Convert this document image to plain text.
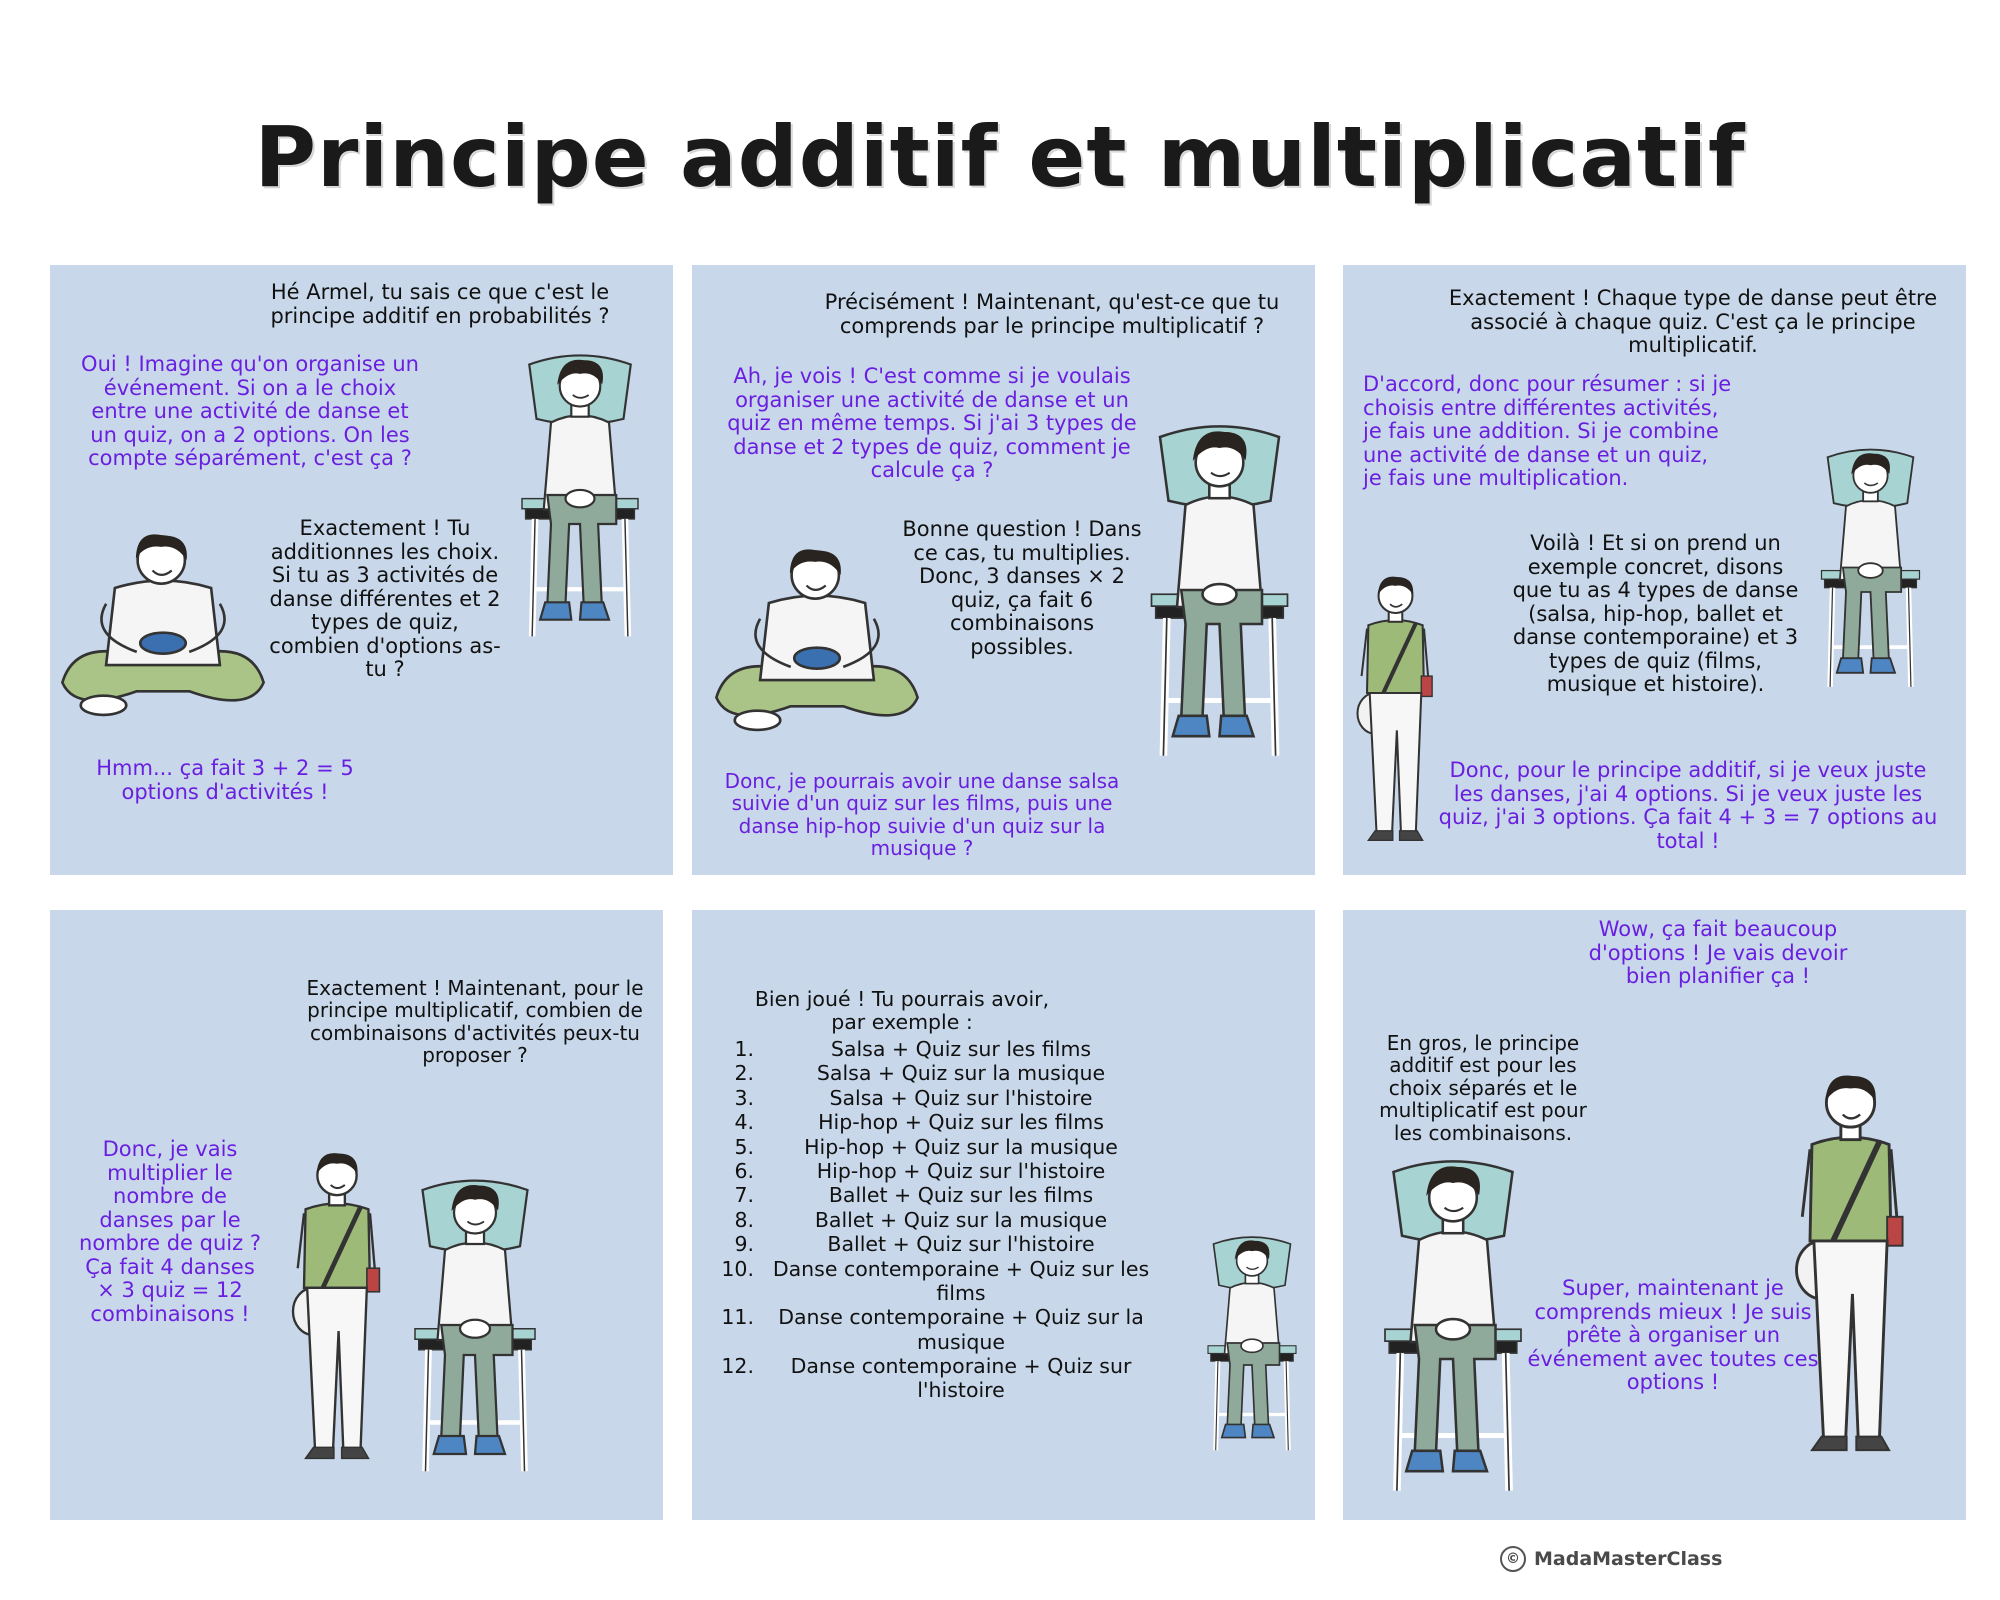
Principe additif et multiplicatif
Hé Armel, tu sais ce que c'est le principe additif en probabilités ?
Oui ! Imagine qu'on organise un événement. Si on a le choix entre une activité de danse et un quiz, on a 2 options. On les compte séparément, c'est ça ?
Exactement ! Tu additionnes les choix. Si tu as 3 activités de danse différentes et 2 types de quiz, combien d'options as-tu ?
Hmm... ça fait 3 + 2 = 5 options d'activités !
Précisément ! Maintenant, qu'est-ce que tu comprends par le principe multiplicatif ?
Ah, je vois ! C'est comme si je voulais organiser une activité de danse et un quiz en même temps. Si j'ai 3 types de danse et 2 types de quiz, comment je calcule ça ?
Bonne question ! Dans ce cas, tu multiplies. Donc, 3 danses × 2 quiz, ça fait 6 combinaisons possibles.
Donc, je pourrais avoir une danse salsa suivie d'un quiz sur les films, puis une danse hip-hop suivie d'un quiz sur la musique ?
Exactement ! Chaque type de danse peut être associé à chaque quiz. C'est ça le principe multiplicatif.
D'accord, donc pour résumer : si je choisis entre différentes activités, je fais une addition. Si je combine une activité de danse et un quiz, je fais une multiplication.
Voilà ! Et si on prend un exemple concret, disons que tu as 4 types de danse (salsa, hip-hop, ballet et danse contemporaine) et 3 types de quiz (films, musique et histoire).
Donc, pour le principe additif, si je veux juste les danses, j'ai 4 options. Si je veux juste les quiz, j'ai 3 options. Ça fait 4 + 3 = 7 options au total !
Exactement ! Maintenant, pour le principe multiplicatif, combien de combinaisons d'activités peux-tu proposer ?
Donc, je vais multiplier le nombre de danses par le nombre de quiz ? Ça fait 4 danses × 3 quiz = 12 combinaisons !
Bien joué ! Tu pourrais avoir, par exemple :
1.	Salsa + Quiz sur les films
2.	Salsa + Quiz sur la musique
3.	Salsa + Quiz sur l'histoire
4.	Hip-hop + Quiz sur les films
5.	Hip-hop + Quiz sur la musique
6.	Hip-hop + Quiz sur l'histoire
7.	Ballet + Quiz sur les films
8.	Ballet + Quiz sur la musique
9.	Ballet + Quiz sur l'histoire
10. Danse contemporaine + Quiz sur les films
11.	Danse contemporaine + Quiz sur la musique
12.	Danse contemporaine + Quiz sur l'histoire
Wow, ça fait beaucoup d'options ! Je vais devoir bien planifier ça !
En gros, le principe additif est pour les choix séparés et le multiplicatif est pour les combinaisons.
Super, maintenant je comprends mieux ! Je suis prête à organiser un événement avec toutes ces options !
© MadaMasterClass
